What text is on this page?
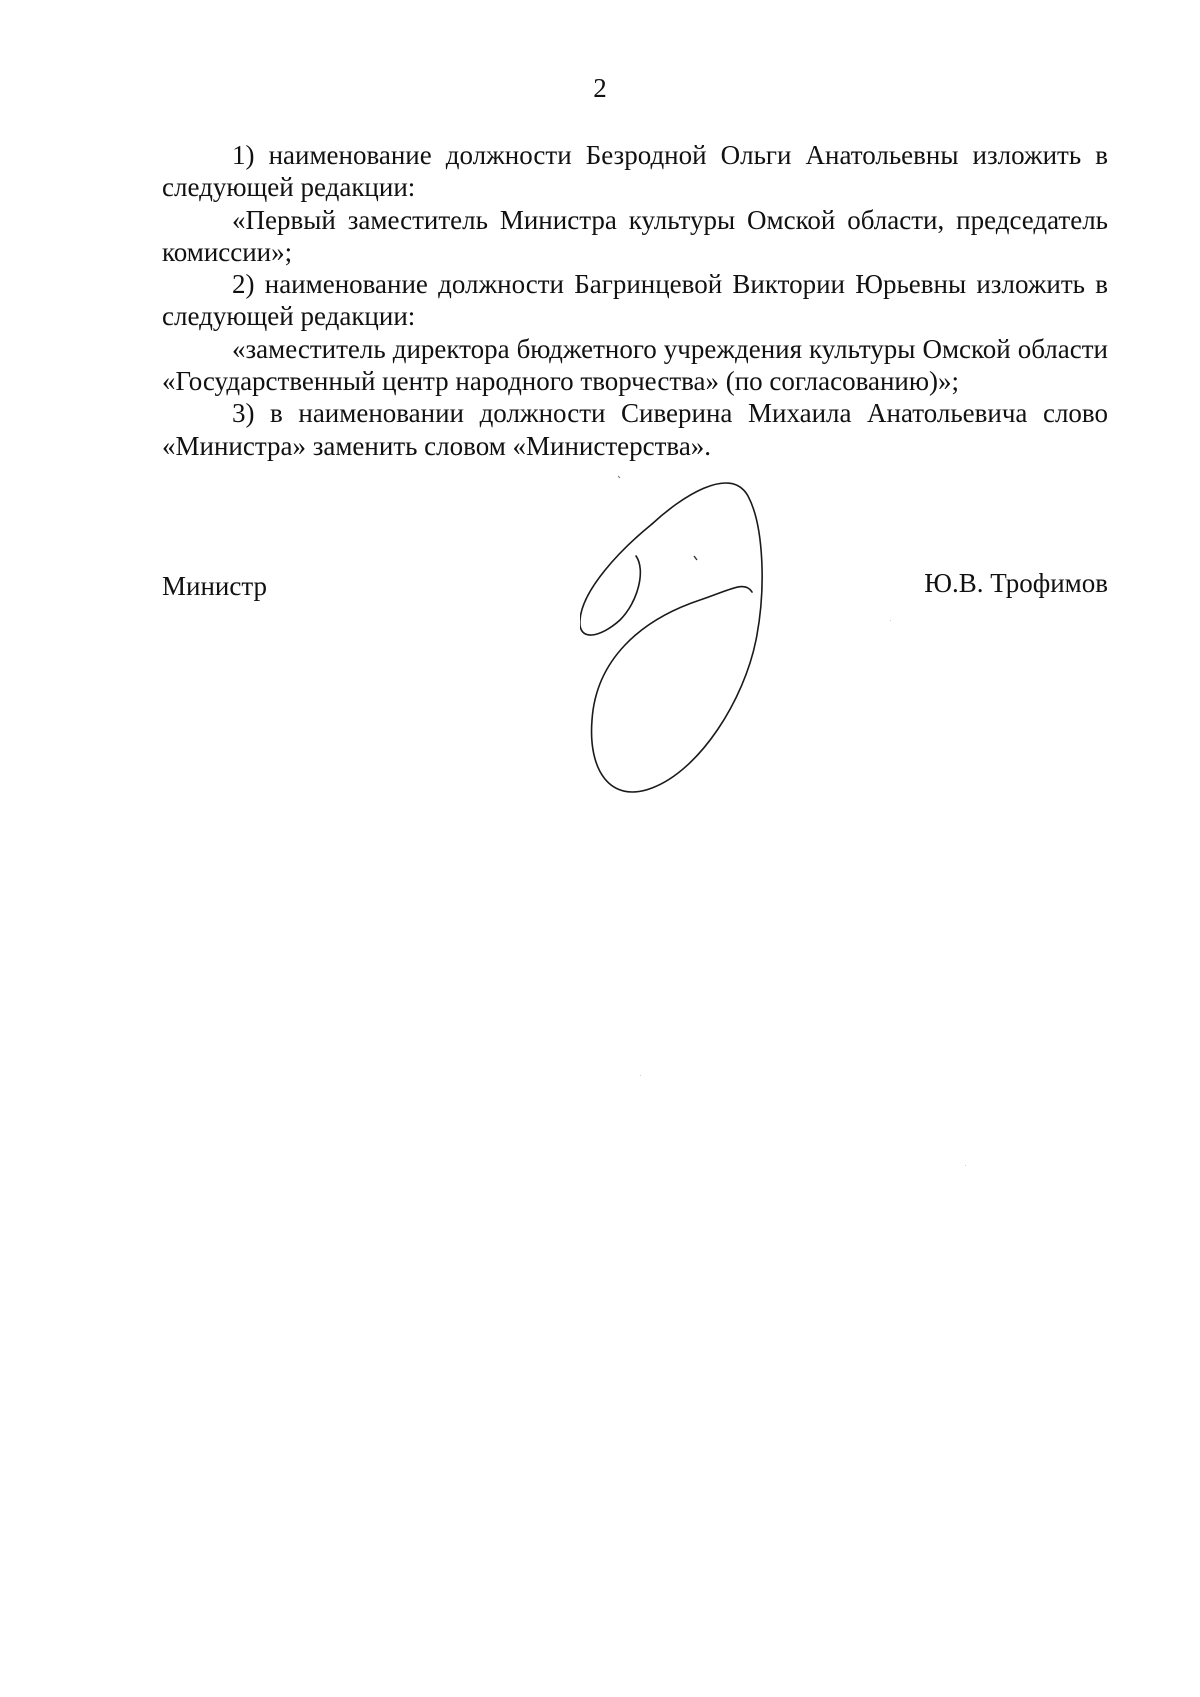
2

1) наименование должности Безродной Ольги Анатольевны изложить в следующей редакции:

«Первый заместитель Министра культуры Омской области, председатель комиссии»;

2) наименование должности Багринцевой Виктории Юрьевны изложить в следующей редакции:

«заместитель директора бюджетного учреждения культуры Омской области «Государственный центр народного творчества» (по согласованию)»;

3) в наименовании должности Сиверина Михаила Анатольевича слово «Министра» заменить словом «Министерства».

Министр	Ю.В. Трофимов
